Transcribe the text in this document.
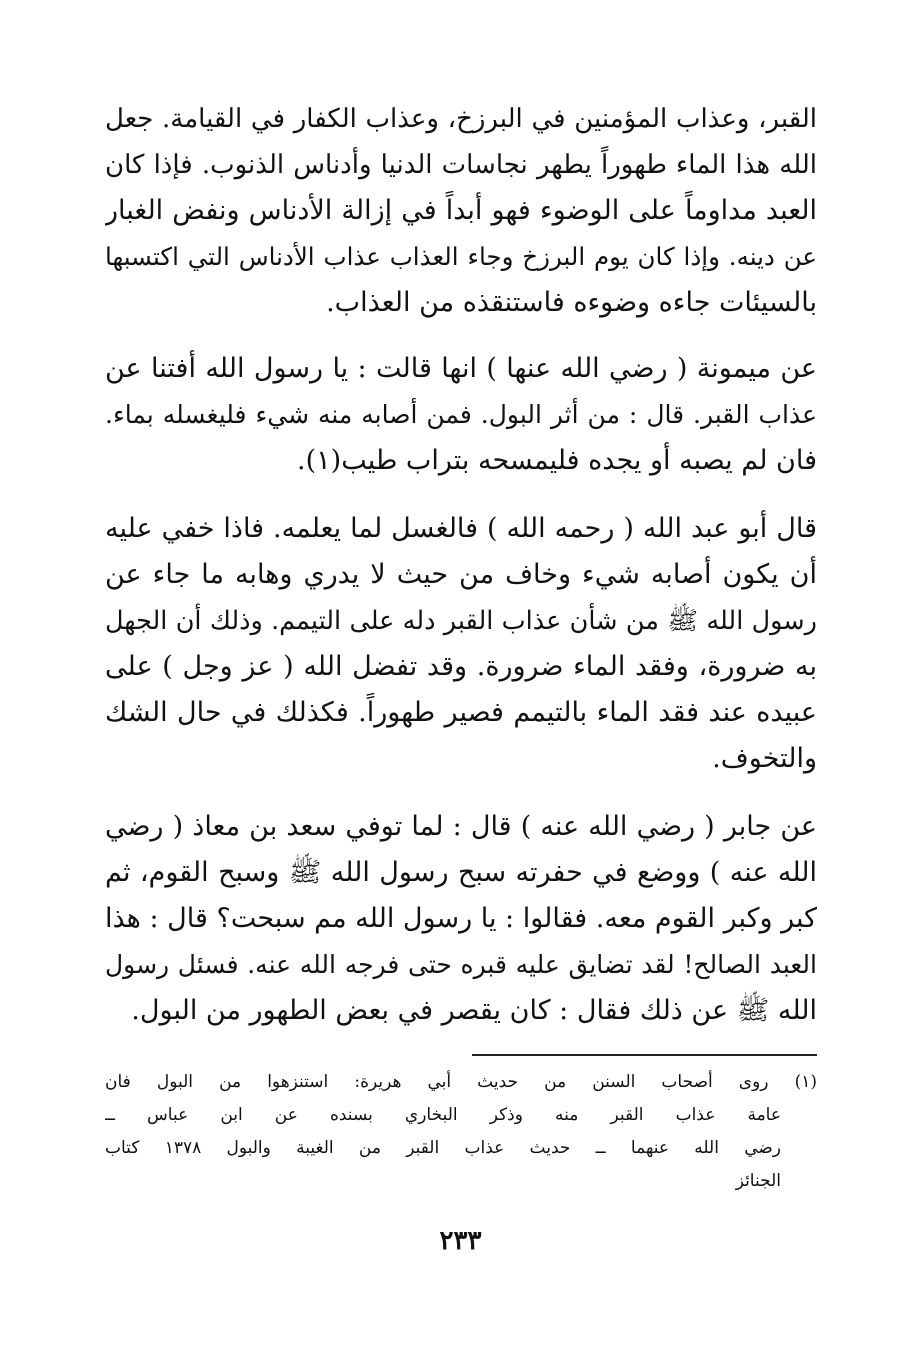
القبر، وعذاب المؤمنين في البرزخ، وعذاب الكفار في القيامة. جعل
الله هذا الماء طهوراً يطهر نجاسات الدنيا وأدناس الذنوب. فإذا كان
العبد مداوماً على الوضوء فهو أبداً في إزالة الأدناس ونفض الغبار
عن دينه. وإذا كان يوم البرزخ وجاء العذاب عذاب الأدناس التي اكتسبها
بالسيئات جاءه وضوءه فاستنقذه من العذاب.
عن ميمونة ( رضي الله عنها ) انها قالت : يا رسول الله أفتنا عن
عذاب القبر. قال : من أثر البول. فمن أصابه منه شيء فليغسله بماء.
فان لم يصبه أو يجده فليمسحه بتراب طيب(١).
قال أبو عبد الله ( رحمه الله ) فالغسل لما يعلمه. فاذا خفي عليه
أن يكون أصابه شيء وخاف من حيث لا يدري وهابه ما جاء عن
رسول الله ﷺ من شأن عذاب القبر دله على التيمم. وذلك أن الجهل
به ضرورة، وفقد الماء ضرورة. وقد تفضل الله ( عز وجل ) على
عبيده عند فقد الماء بالتيمم فصير طهوراً. فكذلك في حال الشك
والتخوف.
عن جابر ( رضي الله عنه ) قال : لما توفي سعد بن معاذ ( رضي
الله عنه ) ووضع في حفرته سبح رسول الله ﷺ وسبح القوم، ثم
كبر وكبر القوم معه. فقالوا : يا رسول الله مم سبحت؟ قال : هذا
العبد الصالح! لقد تضايق عليه قبره حتى فرجه الله عنه. فسئل رسول
الله ﷺ عن ذلك فقال : كان يقصر في بعض الطهور من البول.
(١) روى أصحاب السنن من حديث أبي هريرة: استنزهوا من البول فان
عامة عذاب القبر منه وذكر البخاري بسنده عن ابن عباس ــ
رضي الله عنهما ــ حديث عذاب القبر من الغيبة والبول ١٣٧٨ كتاب
الجنائز
٢٣٣
